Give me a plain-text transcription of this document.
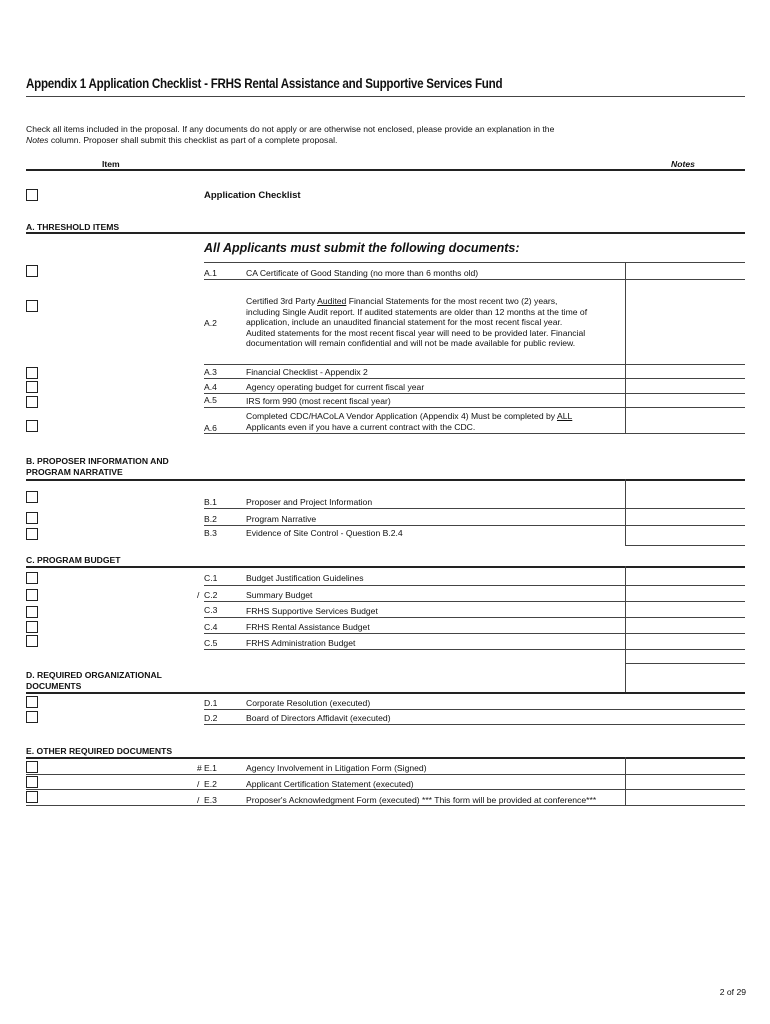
Appendix 1 Application Checklist - FRHS Rental Assistance and Supportive Services Fund
Check all items included in the proposal. If any documents do not apply or are otherwise not enclosed, please provide an explanation in the
Notes column. Proposer shall submit this checklist as part of a complete proposal.
Item	Notes
Application Checklist
A. THRESHOLD ITEMS
All Applicants must submit the following documents:
A.1	CA Certificate of Good Standing (no more than 6 months old)
A.2
Certified 3rd Party Audited Financial Statements for the most recent two (2) years,
including Single Audit report. If audited statements are older than 12 months at the time of
application, include an unaudited financial statement for the most recent fiscal year.
Audited statements for the most recent fiscal year will need to be provided later. Financial
documentation will remain confidential and will not be made available for public review.
A.3	Financial Checklist - Appendix 2
A.4	Agency operating budget for current fiscal year
A.5	IRS form 990 (most recent fiscal year)
A.6
Completed CDC/HACoLA Vendor Application (Appendix 4) Must be completed by ALL
Applicants even if you have a current contract with the CDC.
B. PROPOSER INFORMATION AND
PROGRAM NARRATIVE
B.1	Proposer and Project Information
B.2	Program Narrative
B.3	Evidence of Site Control - Question B.2.4
C. PROGRAM BUDGET
C.1	Budget Justification Guidelines
/ C.2	Summary Budget
C.3	FRHS Supportive Services Budget
C.4	FRHS Rental Assistance Budget
C.5	FRHS Administration Budget
D. REQUIRED ORGANIZATIONAL
DOCUMENTS
D.1	Corporate Resolution (executed)
D.2	Board of Directors Affidavit (executed)
E. OTHER REQUIRED DOCUMENTS
# E.1	Agency Involvement in Litigation Form (Signed)
/ E.2	Applicant Certification Statement (executed)
/ E.3	Proposer's Acknowledgment Form (executed) *** This form will be provided at conference***
2 of 29
